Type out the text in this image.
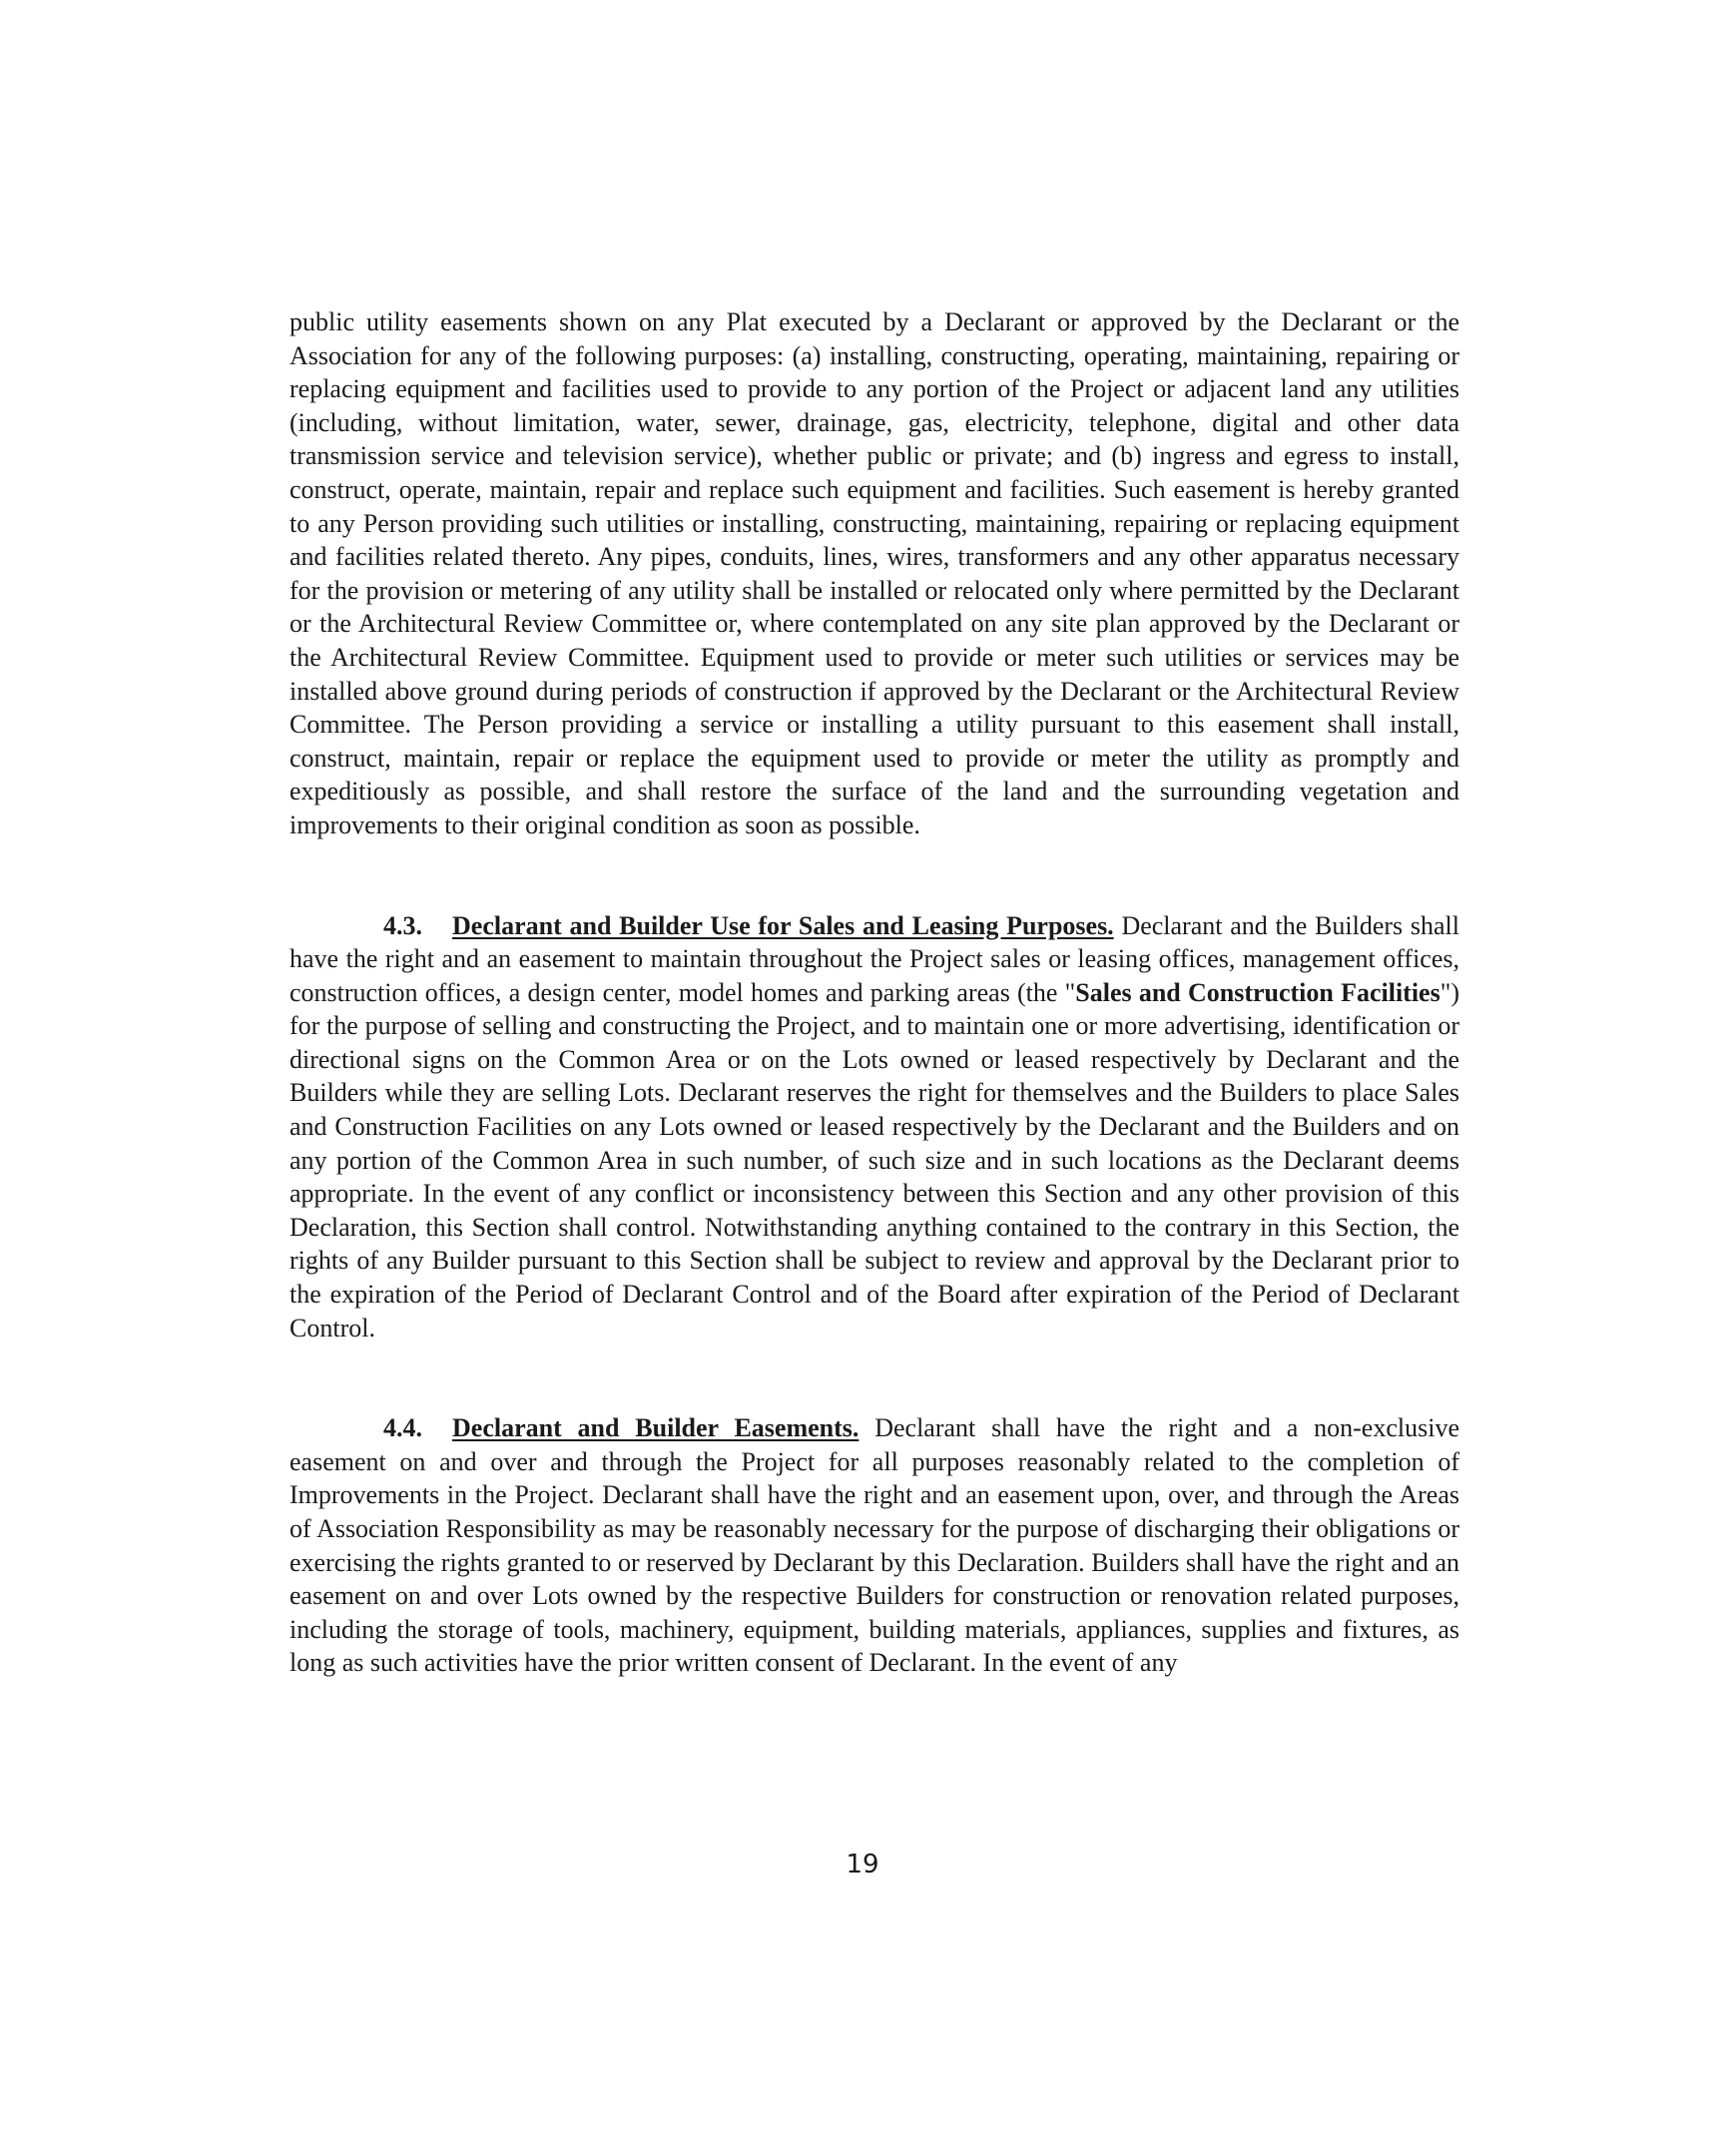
public utility easements shown on any Plat executed by a Declarant or approved by the Declarant or the Association for any of the following purposes: (a) installing, constructing, operating, maintaining, repairing or replacing equipment and facilities used to provide to any portion of the Project or adjacent land any utilities (including, without limitation, water, sewer, drainage, gas, electricity, telephone, digital and other data transmission service and television service), whether public or private; and (b) ingress and egress to install, construct, operate, maintain, repair and replace such equipment and facilities. Such easement is hereby granted to any Person providing such utilities or installing, constructing, maintaining, repairing or replacing equipment and facilities related thereto. Any pipes, conduits, lines, wires, transformers and any other apparatus necessary for the provision or metering of any utility shall be installed or relocated only where permitted by the Declarant or the Architectural Review Committee or, where contemplated on any site plan approved by the Declarant or the Architectural Review Committee. Equipment used to provide or meter such utilities or services may be installed above ground during periods of construction if approved by the Declarant or the Architectural Review Committee. The Person providing a service or installing a utility pursuant to this easement shall install, construct, maintain, repair or replace the equipment used to provide or meter the utility as promptly and expeditiously as possible, and shall restore the surface of the land and the surrounding vegetation and improvements to their original condition as soon as possible.

4.3. Declarant and Builder Use for Sales and Leasing Purposes. Declarant and the Builders shall have the right and an easement to maintain throughout the Project sales or leasing offices, management offices, construction offices, a design center, model homes and parking areas (the "Sales and Construction Facilities") for the purpose of selling and constructing the Project, and to maintain one or more advertising, identification or directional signs on the Common Area or on the Lots owned or leased respectively by Declarant and the Builders while they are selling Lots. Declarant reserves the right for themselves and the Builders to place Sales and Construction Facilities on any Lots owned or leased respectively by the Declarant and the Builders and on any portion of the Common Area in such number, of such size and in such locations as the Declarant deems appropriate. In the event of any conflict or inconsistency between this Section and any other provision of this Declaration, this Section shall control. Notwithstanding anything contained to the contrary in this Section, the rights of any Builder pursuant to this Section shall be subject to review and approval by the Declarant prior to the expiration of the Period of Declarant Control and of the Board after expiration of the Period of Declarant Control.

4.4. Declarant and Builder Easements. Declarant shall have the right and a non-exclusive easement on and over and through the Project for all purposes reasonably related to the completion of Improvements in the Project. Declarant shall have the right and an easement upon, over, and through the Areas of Association Responsibility as may be reasonably necessary for the purpose of discharging their obligations or exercising the rights granted to or reserved by Declarant by this Declaration. Builders shall have the right and an easement on and over Lots owned by the respective Builders for construction or renovation related purposes, including the storage of tools, machinery, equipment, building materials, appliances, supplies and fixtures, as long as such activities have the prior written consent of Declarant. In the event of any

19
